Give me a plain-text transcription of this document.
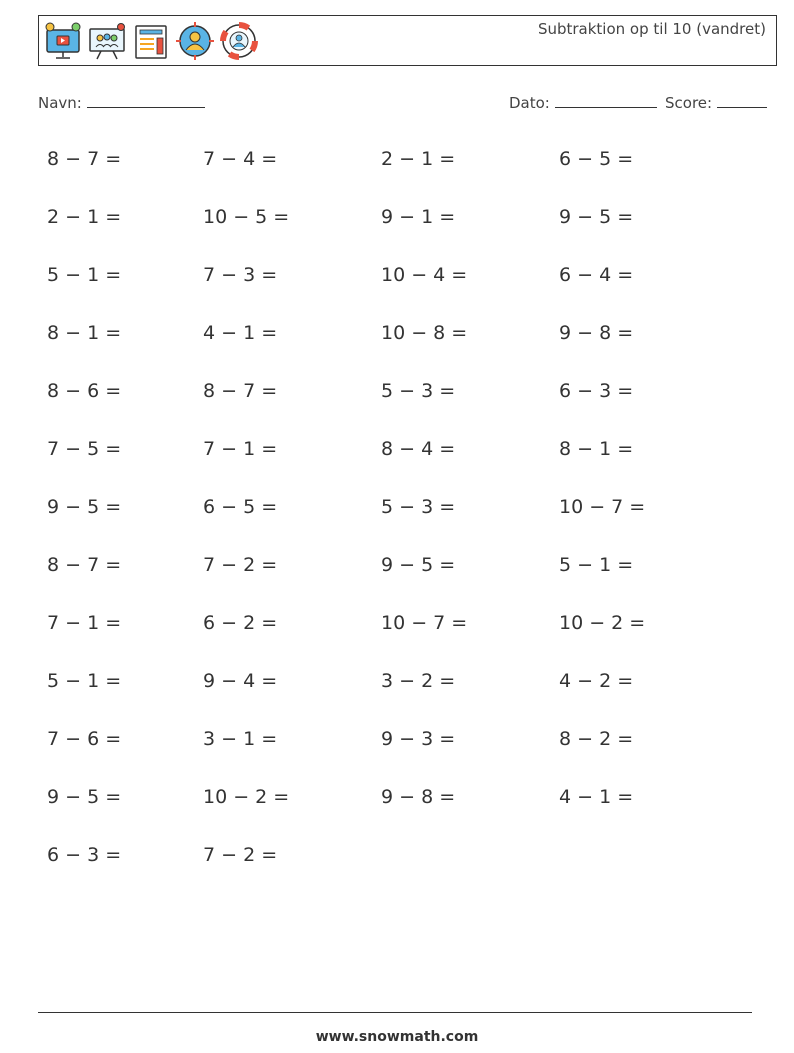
Subtraktion op til 10 (vandret)
Navn:	Dato:	Score:
8 − 7 =	7 − 4 =	2 − 1 =	6 − 5 =
2 − 1 =	10 − 5 =	9 − 1 =	9 − 5 =
5 − 1 =	7 − 3 =	10 − 4 =	6 − 4 =
8 − 1 =	4 − 1 =	10 − 8 =	9 − 8 =
8 − 6 =	8 − 7 =	5 − 3 =	6 − 3 =
7 − 5 =	7 − 1 =	8 − 4 =	8 − 1 =
9 − 5 =	6 − 5 =	5 − 3 =	10 − 7 =
8 − 7 =	7 − 2 =	9 − 5 =	5 − 1 =
7 − 1 =	6 − 2 =	10 − 7 =	10 − 2 =
5 − 1 =	9 − 4 =	3 − 2 =	4 − 2 =
7 − 6 =	3 − 1 =	9 − 3 =	8 − 2 =
9 − 5 =	10 − 2 =	9 − 8 =	4 − 1 =
6 − 3 =	7 − 2 =
www.snowmath.com
